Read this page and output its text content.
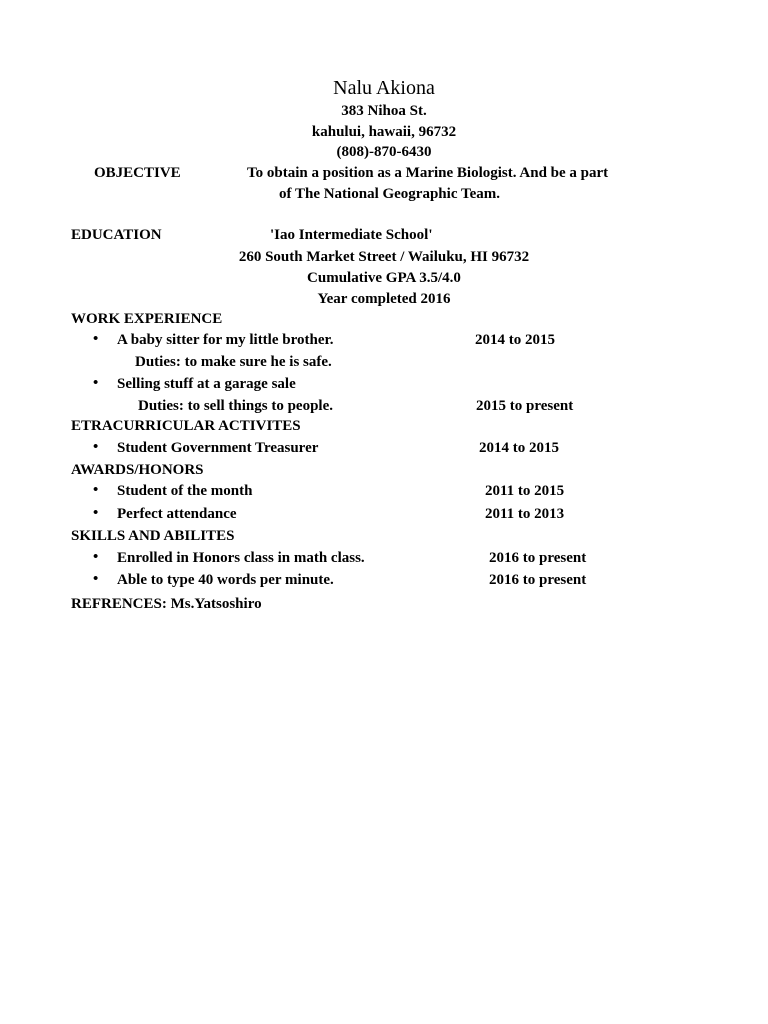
Nalu Akiona
383 Nihoa St.
kahului, hawaii, 96732
(808)-870-6430
OBJECTIVE	To obtain a position as a Marine Biologist. And be a part
of The National Geographic Team.
EDUCATION	'Iao Intermediate School'
260 South Market Street / Wailuku, HI 96732
Cumulative GPA 3.5/4.0
Year completed 2016
WORK EXPERIENCE
• A baby sitter for my little brother.	2014 to 2015
Duties: to make sure he is safe.
• Selling stuff at a garage sale
Duties: to sell things to people.	2015 to present
ETRACURRICULAR ACTIVITES
• Student Government Treasurer	2014 to 2015
AWARDS/HONORS
• Student of the month	2011 to 2015
• Perfect attendance	2011 to 2013
SKILLS AND ABILITES
• Enrolled in Honors class in math class.	2016 to present
• Able to type 40 words per minute.	2016 to present
REFRENCES: Ms.Yatsoshiro
